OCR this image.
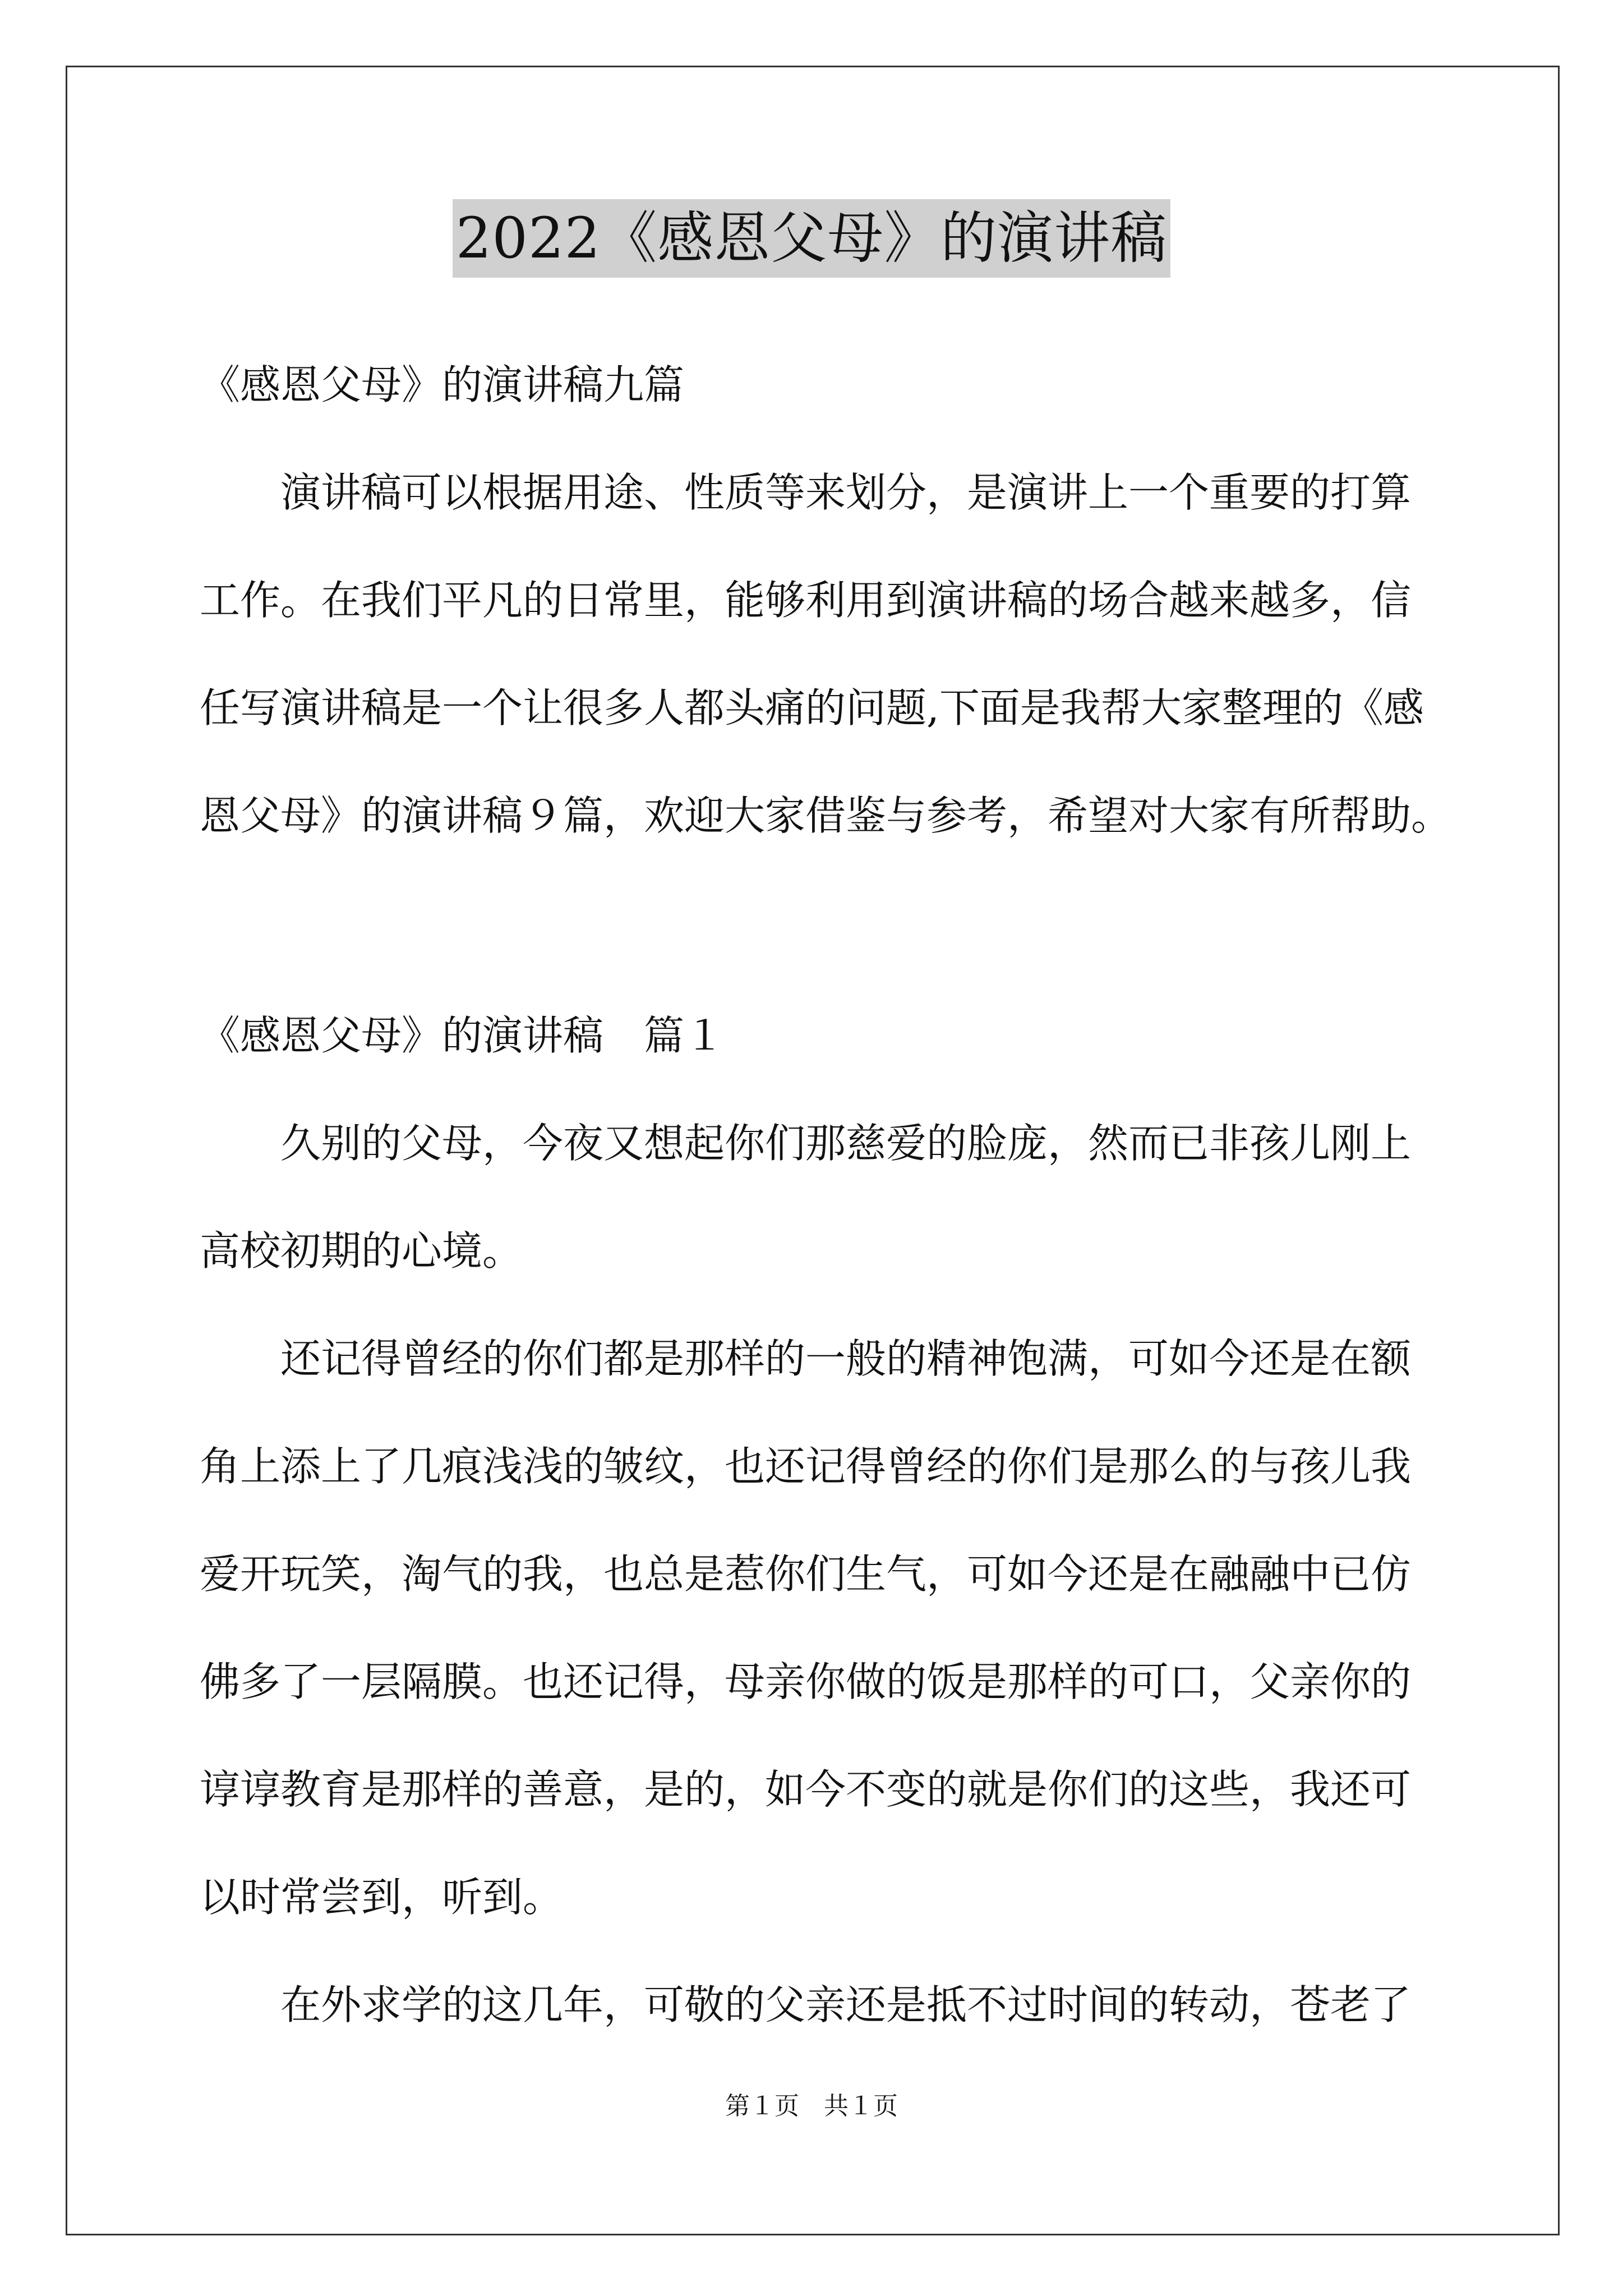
2022《感恩父母》的演讲稿
《感恩父母》的演讲稿九篇
演讲稿可以根据用途、性质等来划分，是演讲上一个重要的打算
工作。在我们平凡的日常里，能够利用到演讲稿的场合越来越多，信
任写演讲稿是一个让很多人都头痛的问题,下面是我帮大家整理的《感
恩父母》的演讲稿９篇，欢迎大家借鉴与参考，希望对大家有所帮助。
《感恩父母》的演讲稿　篇１
久别的父母，今夜又想起你们那慈爱的脸庞，然而已非孩儿刚上
高校初期的心境。
还记得曾经的你们都是那样的一般的精神饱满，可如今还是在额
角上添上了几痕浅浅的皱纹，也还记得曾经的你们是那么的与孩儿我
爱开玩笑，淘气的我，也总是惹你们生气，可如今还是在融融中已仿
佛多了一层隔膜。也还记得，母亲你做的饭是那样的可口，父亲你的
谆谆教育是那样的善意，是的，如今不变的就是你们的这些，我还可
以时常尝到，听到。
在外求学的这几年，可敬的父亲还是抵不过时间的转动，苍老了
第１页　共１页
